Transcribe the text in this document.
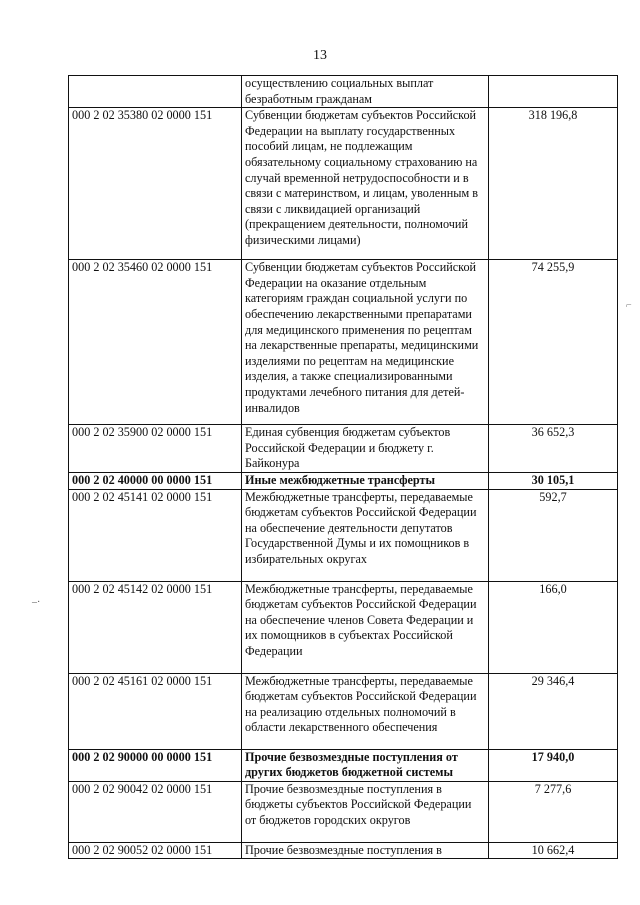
13
	осуществлению социальных выплат безработным гражданам	
000 2 02 35380 02 0000 151	Субвенции бюджетам субъектов Российской Федерации на выплату государственных пособий лицам, не подлежащим обязательному социальному страхованию на случай временной нетрудоспособности и в связи с материнством, и лицам, уволенным в связи с ликвидацией организаций (прекращением деятельности, полномочий физическими лицами)	318 196,8
000 2 02 35460 02 0000 151	Субвенции бюджетам субъектов Российской Федерации на оказание отдельным категориям граждан социальной услуги по обеспечению лекарственными препаратами для медицинского применения по рецептам на лекарственные препараты, медицинскими изделиями по рецептам на медицинские изделия, а также специализированными продуктами лечебного питания для детей-инвалидов	74 255,9
000 2 02 35900 02 0000 151	Единая субвенция бюджетам субъектов Российской Федерации и бюджету г. Байконура	36 652,3
000 2 02 40000 00 0000 151	Иные межбюджетные трансферты	30 105,1
000 2 02 45141 02 0000 151	Межбюджетные трансферты, передаваемые бюджетам субъектов Российской Федерации на обеспечение деятельности депутатов Государственной Думы и их помощников в избирательных округах	592,7
000 2 02 45142 02 0000 151	Межбюджетные трансферты, передаваемые бюджетам субъектов Российской Федерации на обеспечение членов Совета Федерации и их помощников в субъектах Российской Федерации	166,0
000 2 02 45161 02 0000 151	Межбюджетные трансферты, передаваемые бюджетам субъектов Российской Федерации на реализацию отдельных полномочий в области лекарственного обеспечения	29 346,4
000 2 02 90000 00 0000 151	Прочие безвозмездные поступления от других бюджетов бюджетной системы	17 940,0
000 2 02 90042 02 0000 151	Прочие безвозмездные поступления в бюджеты субъектов Российской Федерации от бюджетов городских округов	7 277,6
000 2 02 90052 02 0000 151	Прочие безвозмездные поступления в	10 662,4
‒·
⌐
